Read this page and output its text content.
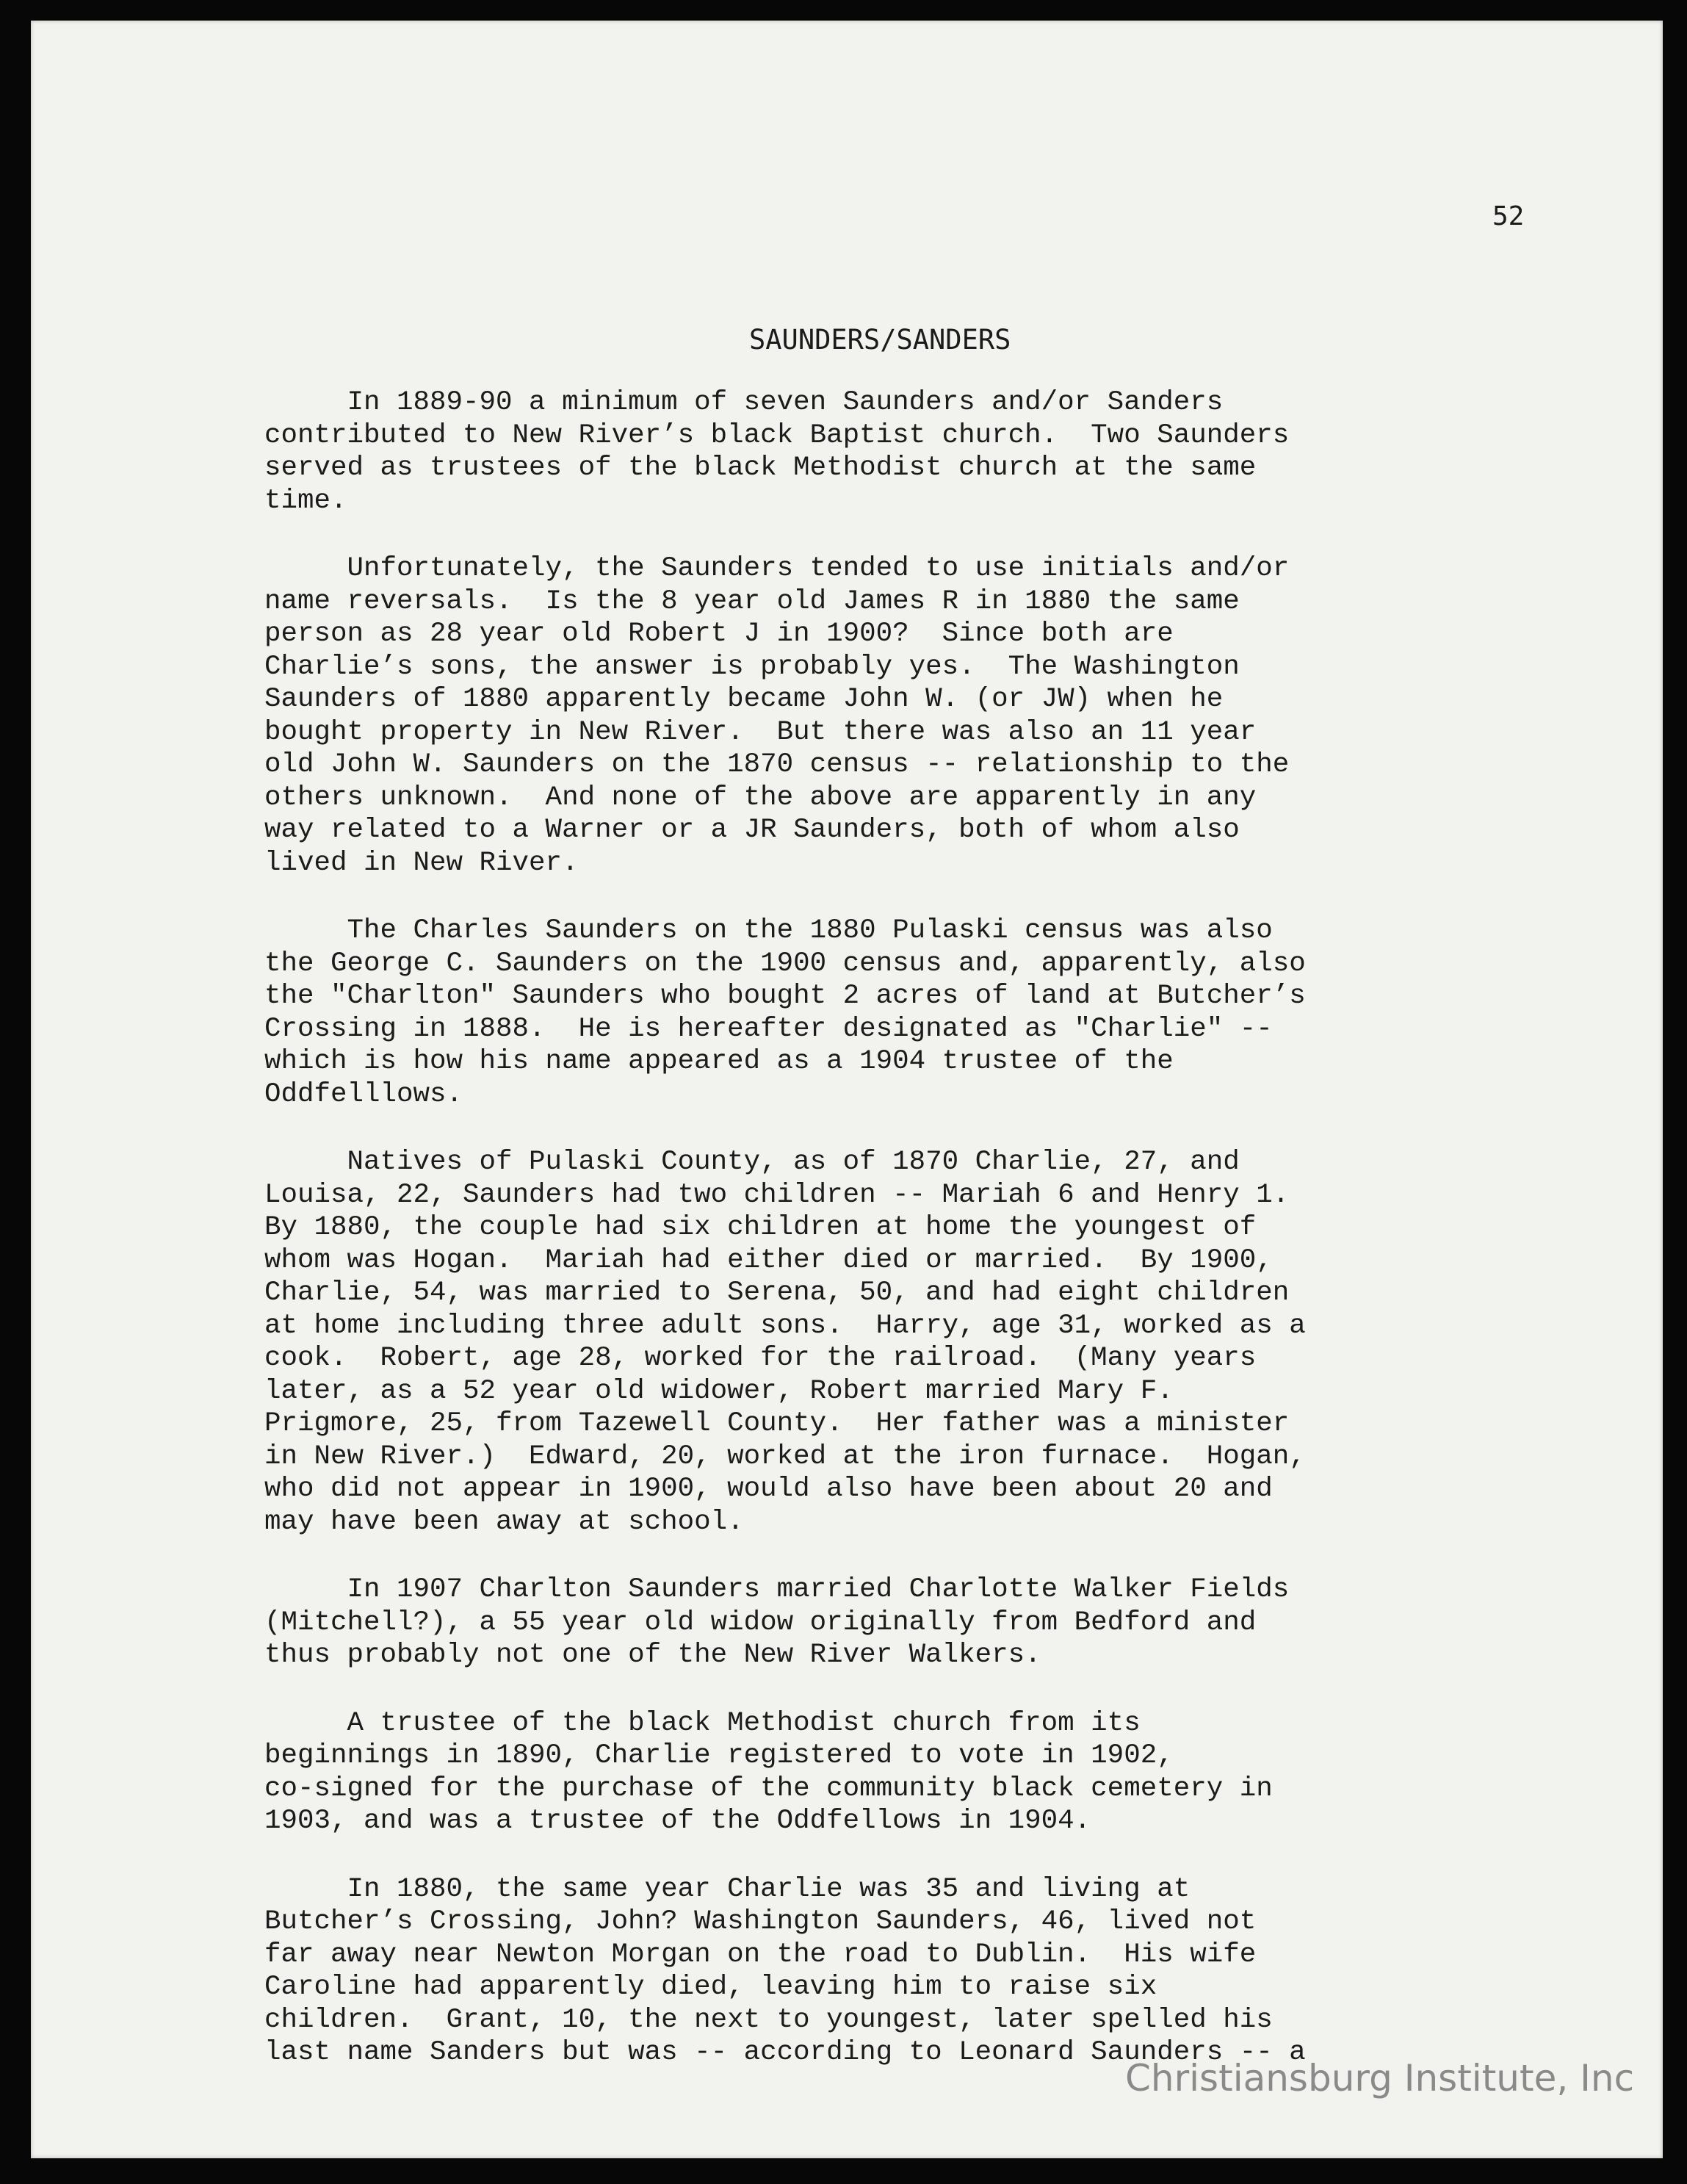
52

SAUNDERS/SANDERS

In 1889-90 a minimum of seven Saunders and/or Sanders
contributed to New River’s black Baptist church.  Two Saunders
served as trustees of the black Methodist church at the same
time.

Unfortunately, the Saunders tended to use initials and/or
name reversals.  Is the 8 year old James R in 1880 the same
person as 28 year old Robert J in 1900?  Since both are
Charlie’s sons, the answer is probably yes.  The Washington
Saunders of 1880 apparently became John W. (or JW) when he
bought property in New River.  But there was also an 11 year
old John W. Saunders on the 1870 census -- relationship to the
others unknown.  And none of the above are apparently in any
way related to a Warner or a JR Saunders, both of whom also
lived in New River.

The Charles Saunders on the 1880 Pulaski census was also
the George C. Saunders on the 1900 census and, apparently, also
the "Charlton" Saunders who bought 2 acres of land at Butcher’s
Crossing in 1888.  He is hereafter designated as "Charlie" --
which is how his name appeared as a 1904 trustee of the
Oddfelllows.

Natives of Pulaski County, as of 1870 Charlie, 27, and
Louisa, 22, Saunders had two children -- Mariah 6 and Henry 1.
By 1880, the couple had six children at home the youngest of
whom was Hogan.  Mariah had either died or married.  By 1900,
Charlie, 54, was married to Serena, 50, and had eight children
at home including three adult sons.  Harry, age 31, worked as a
cook.  Robert, age 28, worked for the railroad.  (Many years
later, as a 52 year old widower, Robert married Mary F.
Prigmore, 25, from Tazewell County.  Her father was a minister
in New River.)  Edward, 20, worked at the iron furnace.  Hogan,
who did not appear in 1900, would also have been about 20 and
may have been away at school.

In 1907 Charlton Saunders married Charlotte Walker Fields
(Mitchell?), a 55 year old widow originally from Bedford and
thus probably not one of the New River Walkers.

A trustee of the black Methodist church from its
beginnings in 1890, Charlie registered to vote in 1902,
co-signed for the purchase of the community black cemetery in
1903, and was a trustee of the Oddfellows in 1904.

In 1880, the same year Charlie was 35 and living at
Butcher’s Crossing, John? Washington Saunders, 46, lived not
far away near Newton Morgan on the road to Dublin.  His wife
Caroline had apparently died, leaving him to raise six
children.  Grant, 10, the next to youngest, later spelled his
last name Sanders but was -- according to Leonard Saunders -- a

Christiansburg Institute, Inc
